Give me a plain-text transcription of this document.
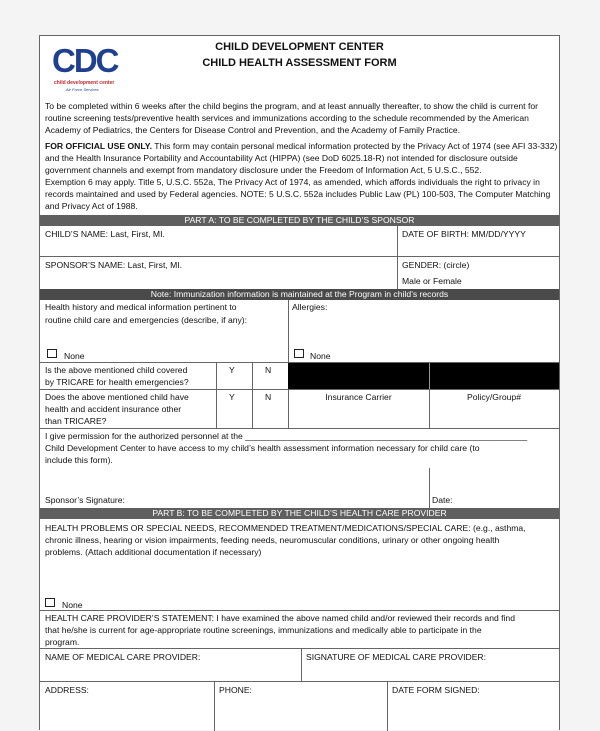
CDC
child development center
Air Force Services
CHILD DEVELOPMENT CENTER
CHILD HEALTH ASSESSMENT FORM
To be completed within 6 weeks after the child begins the program, and at least annually thereafter, to show the child is current for
routine screening tests/preventive health services and immunizations according to the schedule recommended by the American
Academy of Pediatrics, the Centers for Disease Control and Prevention, and the Academy of Family Practice.
FOR OFFICIAL USE ONLY. This form may contain personal medical information protected by the Privacy Act of 1974 (see AFI 33-332)
and the Health Insurance Portability and Accountability Act (HIPPA) (see DoD 6025.18-R) not intended for disclosure outside
government channels and exempt from mandatory disclosure under the Freedom of Information Act, 5 U.S.C., 552.
Exemption 6 may apply. Title 5, U.S.C. 552a, The Privacy Act of 1974, as amended, which affords individuals the right to privacy in
records maintained and used by Federal agencies. NOTE: 5 U.S.C. 552a includes Public Law (PL) 100-503, The Computer Matching
and Privacy Act of 1988.
PART A: TO BE COMPLETED BY THE CHILD’S SPONSOR
CHILD’S NAME: Last, First, MI.	DATE OF BIRTH: MM/DD/YYYY
SPONSOR’S NAME: Last, First, MI.	GENDER: (circle)
Male or Female
Note: Immunization information is maintained at the Program in child’s records
Health history and medical information pertinent to
routine child care and emergencies (describe, if any):
Allergies:
None	None
Is the above mentioned child covered
by TRICARE for health emergencies?
Y	N
Does the above mentioned child have
health and accident insurance other
than TRICARE?
Y	N	Insurance Carrier	Policy/Group#
I give permission for the authorized personnel at the ___________________________________________________________
Child Development Center to have access to my child’s health assessment information necessary for child care (to
include this form).
Sponsor’s Signature:	Date:
PART B: TO BE COMPLETED BY THE CHILD’S HEALTH CARE PROVIDER
HEALTH PROBLEMS OR SPECIAL NEEDS, RECOMMENDED TREATMENT/MEDICATIONS/SPECIAL CARE: (e.g., asthma,
chronic illness, hearing or vision impairments, feeding needs, neuromuscular conditions, urinary or other ongoing health
problems. (Attach additional documentation if necessary)
None
HEALTH CARE PROVIDER’S STATEMENT: I have examined the above named child and/or reviewed their records and find
that he/she is current for age-appropriate routine screenings, immunizations and medically able to participate in the
program.
NAME OF MEDICAL CARE PROVIDER:	SIGNATURE OF MEDICAL CARE PROVIDER:
ADDRESS:	PHONE:	DATE FORM SIGNED:
